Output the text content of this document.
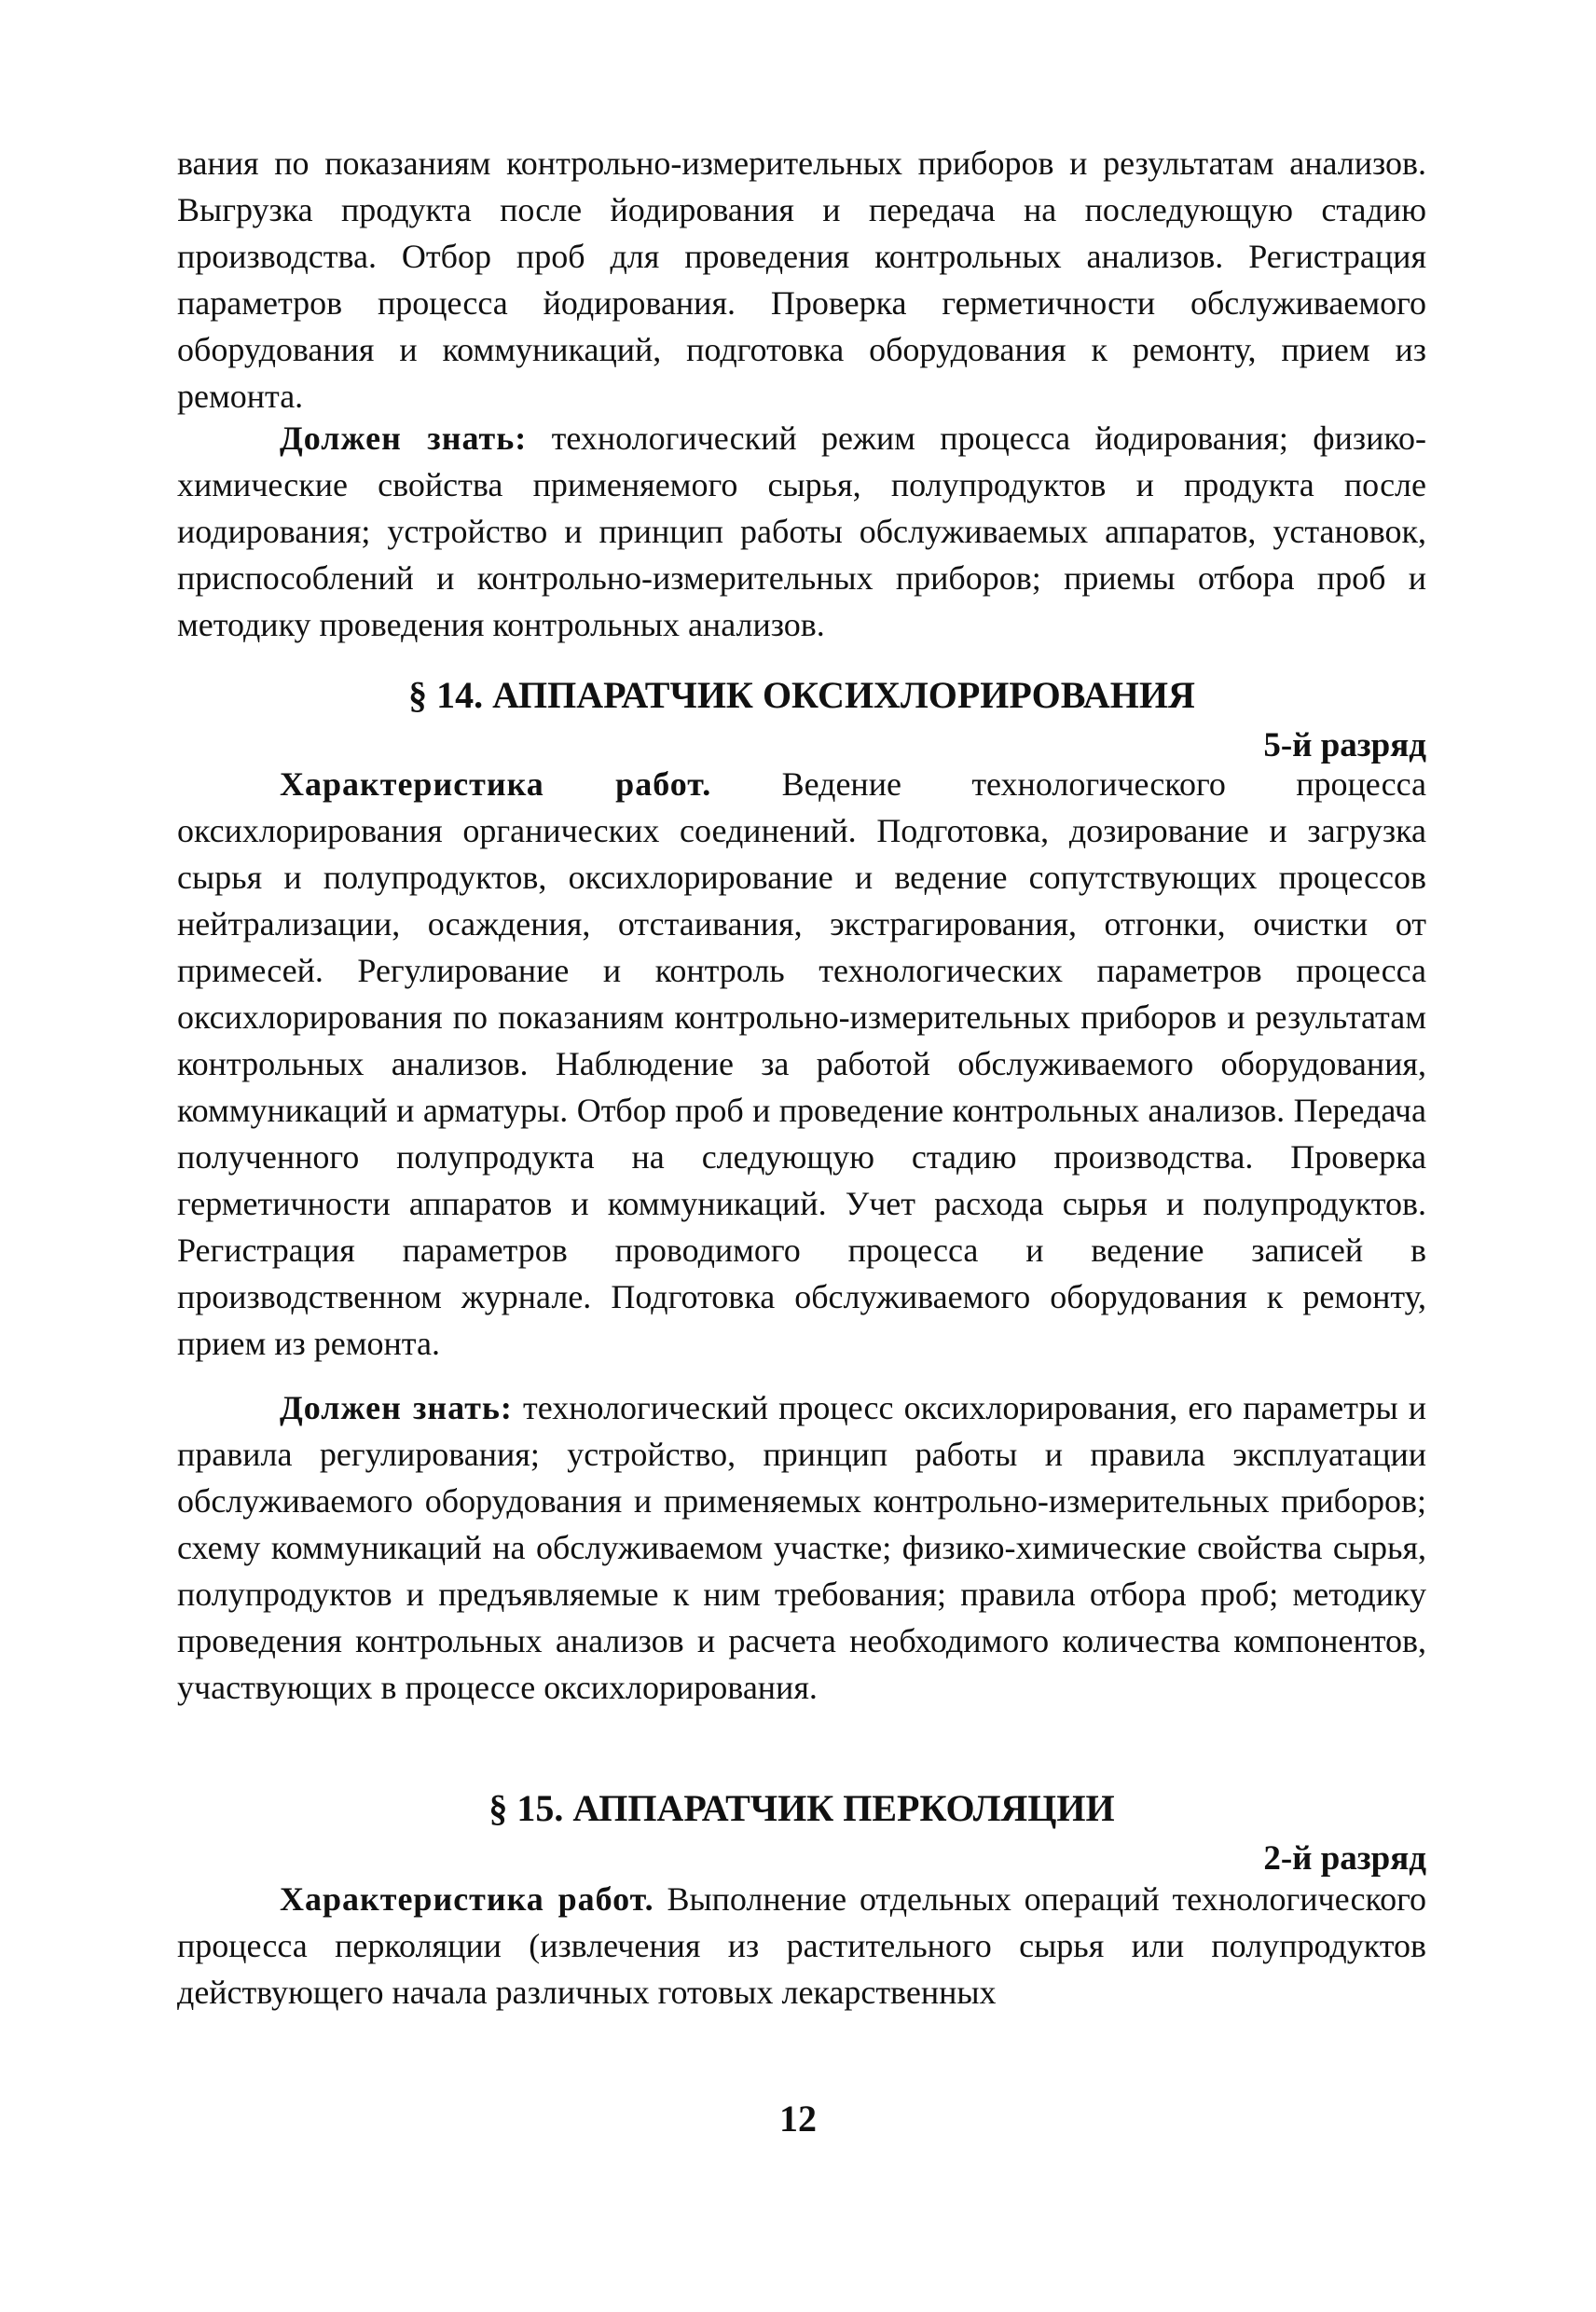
вания по показаниям контрольно-измерительных приборов и результатам анализов. Выгрузка продукта после йодирования и передача на последующую стадию производства. Отбор проб для проведения контрольных анализов. Регистрация параметров процесса йодирования. Проверка герметичности обслуживаемого оборудования и коммуникаций, подготовка оборудования к ремонту, прием из ремонта.

Должен знать: технологический режим процесса йодирования; физико-химические свойства применяемого сырья, полупродуктов и продукта после иодирования; устройство и принцип работы обслуживаемых аппаратов, установок, приспособлений и контрольно-измерительных приборов; приемы отбора проб и методику проведения контрольных анализов.

§ 14. АППАРАТЧИК ОКСИХЛОРИРОВАНИЯ
5-й разряд

Характеристика работ. Ведение технологического процесса оксихлорирования органических соединений. Подготовка, дозирование и загрузка сырья и полупродуктов, оксихлорирование и ведение сопутствующих процессов нейтрализации, осаждения, отстаивания, экстрагирования, отгонки, очистки от примесей. Регулирование и контроль технологических параметров процесса оксихлорирования по показаниям контрольно-измерительных приборов и результатам контрольных анализов. Наблюдение за работой обслуживаемого оборудования, коммуникаций и арматуры. Отбор проб и проведение контрольных анализов. Передача полученного полупродукта на следующую стадию производства. Проверка герметичности аппаратов и коммуникаций. Учет расхода сырья и полупродуктов. Регистрация параметров проводимого процесса и ведение записей в производственном журнале. Подготовка обслуживаемого оборудования к ремонту, прием из ремонта.

Должен знать: технологический процесс оксихлорирования, его параметры и правила регулирования; устройство, принцип работы и правила эксплуатации обслуживаемого оборудования и применяемых контрольно-измерительных приборов; схему коммуникаций на обслуживаемом участке; физико-химические свойства сырья, полупродуктов и предъявляемые к ним требования; правила отбора проб; методику проведения контрольных анализов и расчета необходимого количества компонентов, участвующих в процессе оксихлорирования.

§ 15. АППАРАТЧИК ПЕРКОЛЯЦИИ
2-й разряд

Характеристика работ. Выполнение отдельных операций технологического процесса перколяции (извлечения из растительного сырья или полупродуктов действующего начала различных готовых лекарственных

12
